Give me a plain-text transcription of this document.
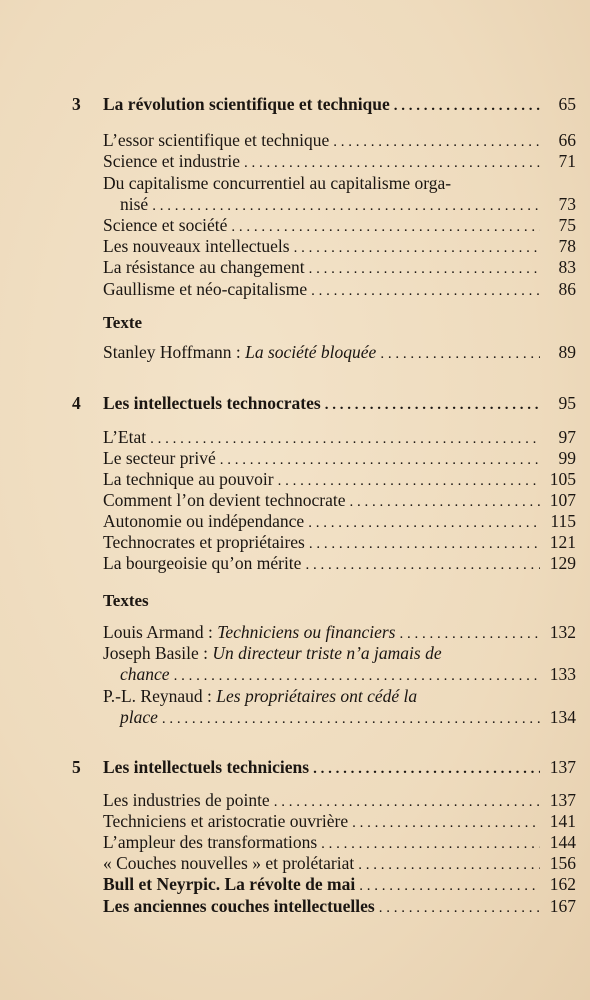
3 La révolution scientifique et technique . . .	65
L’essor scientifique et technique . . .	66
Science et industrie . . .	71
Du capitalisme concurrentiel au capitalisme orga-
nisé . . .	73
Science et société . . .	75
Les nouveaux intellectuels . . .	78
La résistance au changement . . .	83
Gaullisme et néo-capitalisme . . .	86
Texte
Stanley Hoffmann : La société bloquée . . .	89
4 Les intellectuels technocrates . . .	95
L’Etat . . .	97
Le secteur privé . . .	99
La technique au pouvoir . . .	105
Comment l’on devient technocrate . . .	107
Autonomie ou indépendance . . .	115
Technocrates et propriétaires . . .	121
La bourgeoisie qu’on mérite . . .	129
Textes
Louis Armand : Techniciens ou financiers . . .	132
Joseph Basile : Un directeur triste n’a jamais de
chance . . .	133
P.-L. Reynaud : Les propriétaires ont cédé la
place . . .	134
5 Les intellectuels techniciens . . .	137
Les industries de pointe . . .	137
Techniciens et aristocratie ouvrière . . .	141
L’ampleur des transformations . . .	144
« Couches nouvelles » et prolétariat . . .	156
Bull et Neyrpic. La révolte de mai . . .	162
Les anciennes couches intellectuelles . . .	167
